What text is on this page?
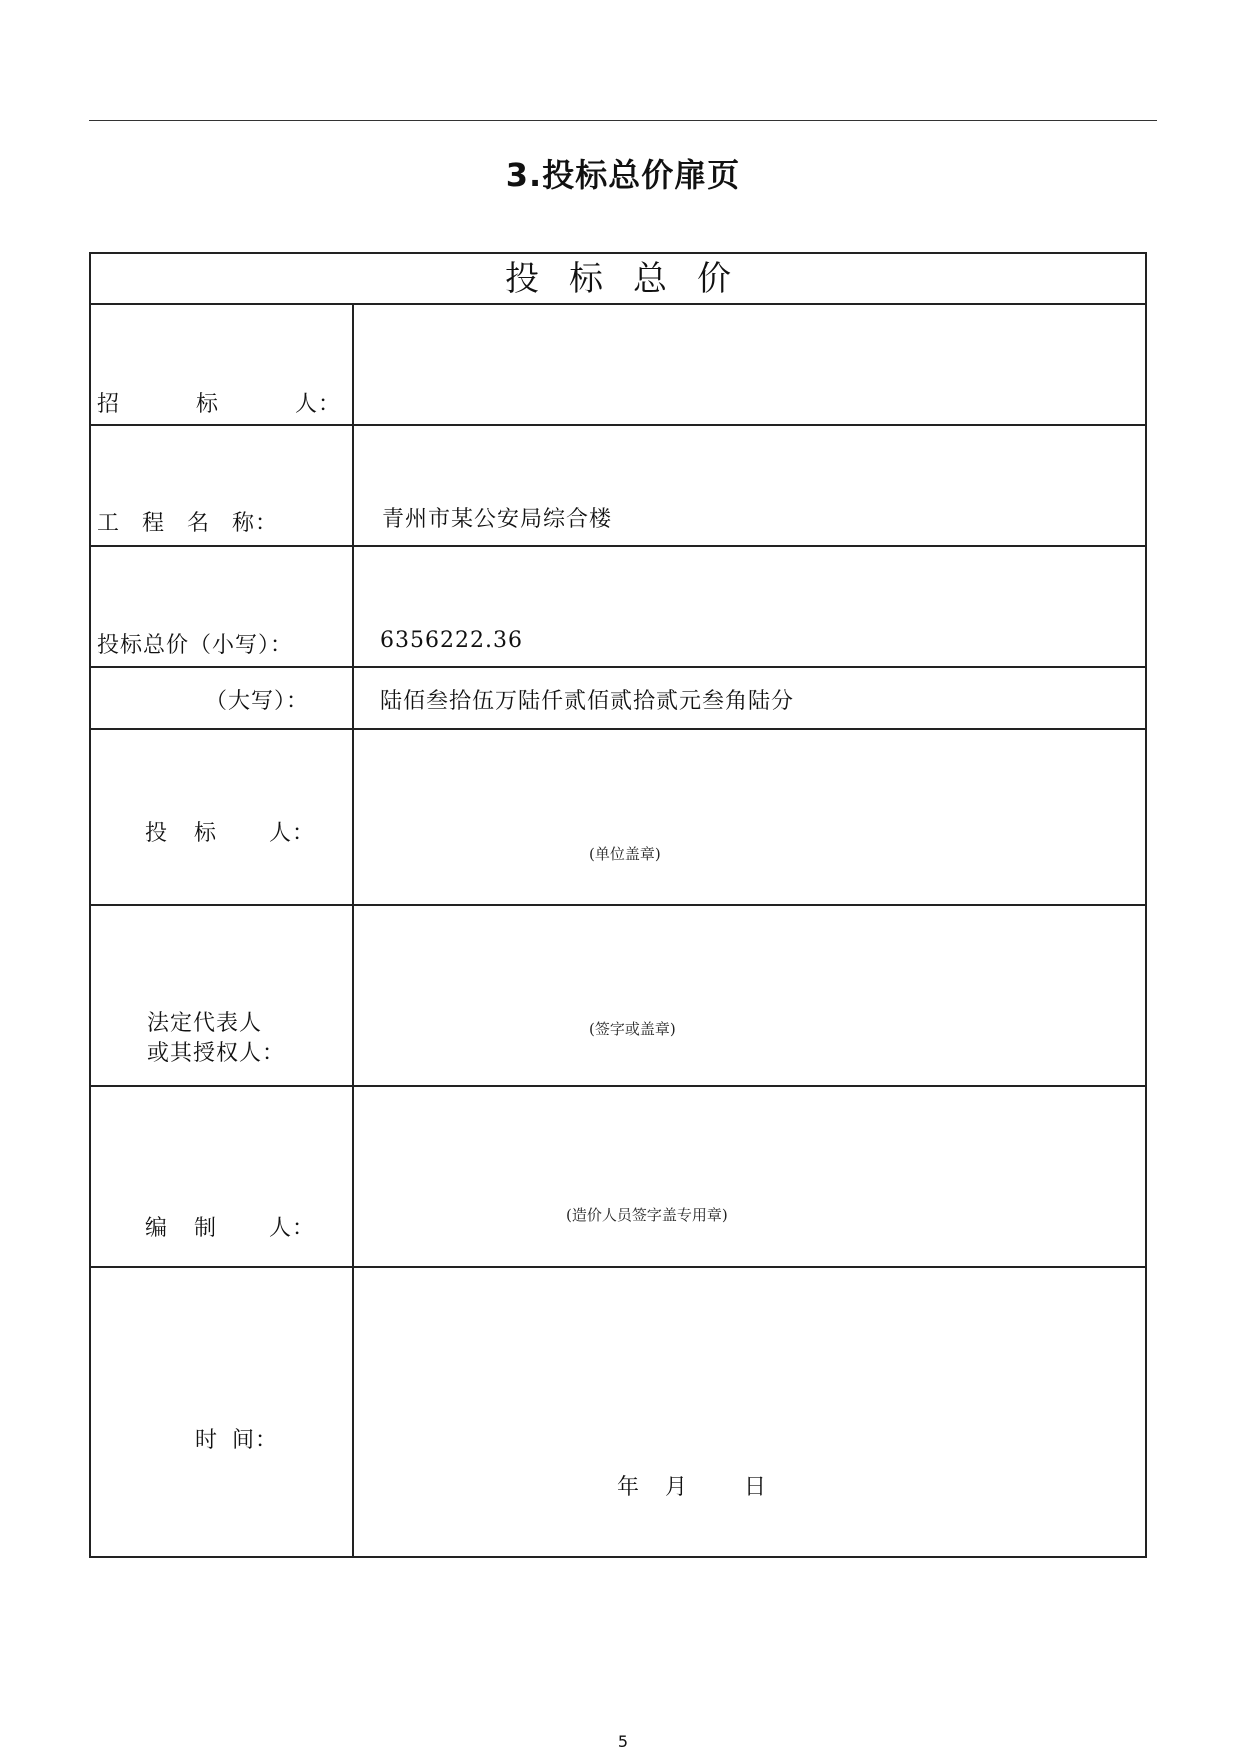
3.投标总价扉页
投标总价
招  标  人：
工 程 名 称：	青州市某公安局综合楼
投标总价（小写）：	6356222.36
（大写）：	陆佰叁拾伍万陆仟贰佰贰拾贰元叁角陆分
投 标  人：
(单位盖章)
法定代表人
或其授权人：
(签字或盖章)
编 制  人：
(造价人员签字盖专用章)
时 间：
年 月	日
5
